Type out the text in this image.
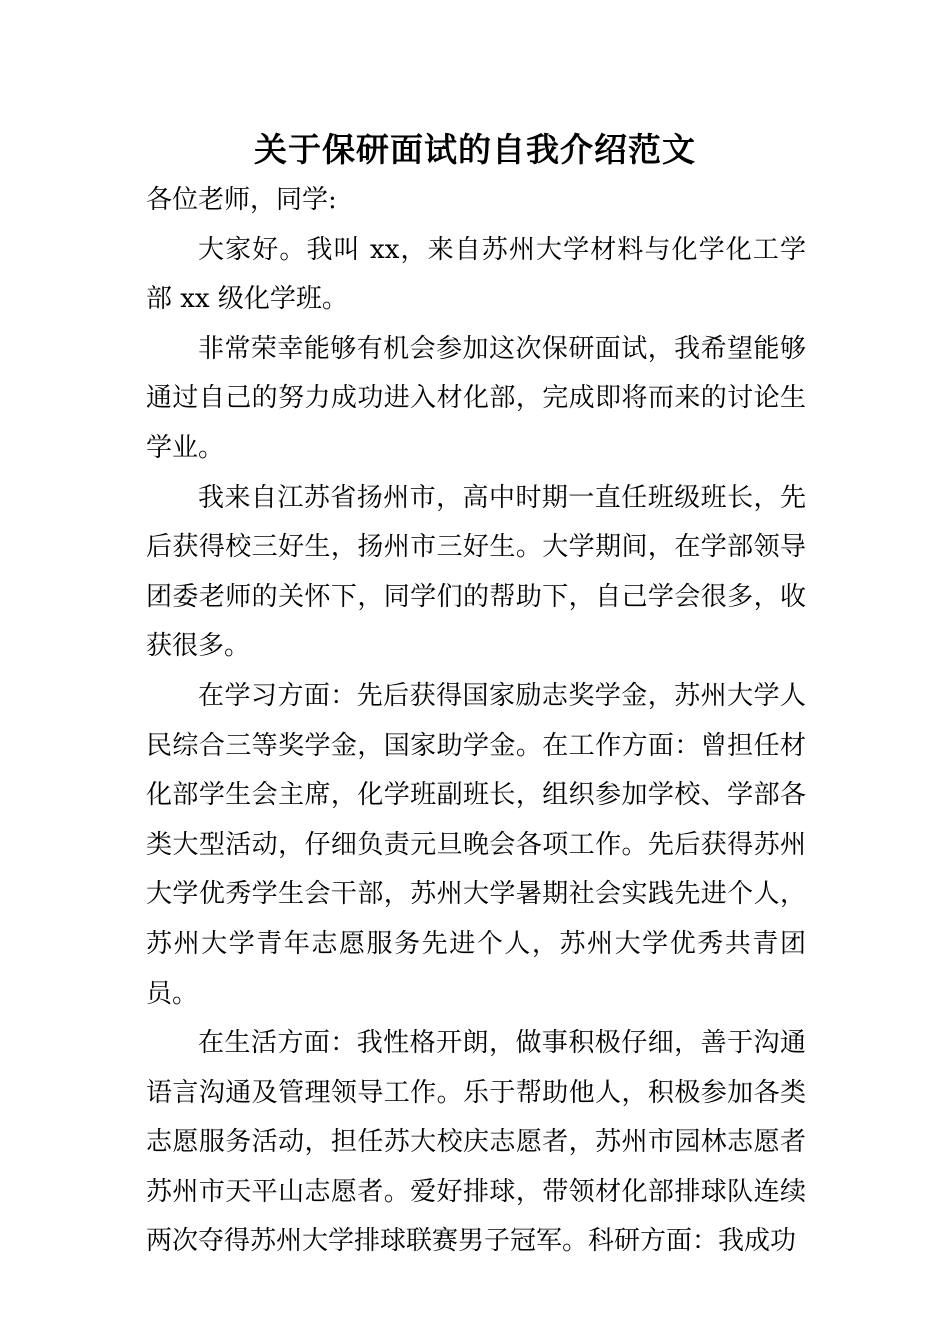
关于保研面试的自我介绍范文

各位老师，同学:

大家好。我叫 xx，来自苏州大学材料与化学化工学部 xx 级化学班。

非常荣幸能够有机会参加这次保研面试，我希望能够通过自己的努力成功进入材化部，完成即将而来的讨论生学业。

我来自江苏省扬州市，高中时期一直任班级班长，先后获得校三好生，扬州市三好生。大学期间，在学部领导团委老师的关怀下，同学们的帮助下，自己学会很多，收获很多。

在学习方面：先后获得国家励志奖学金，苏州大学人民综合三等奖学金，国家助学金。在工作方面：曾担任材化部学生会主席，化学班副班长，组织参加学校、学部各类大型活动，仔细负责元旦晚会各项工作。先后获得苏州大学优秀学生会干部，苏州大学暑期社会实践先进个人，苏州大学青年志愿服务先进个人，苏州大学优秀共青团员。

在生活方面：我性格开朗，做事积极仔细，善于沟通语言沟通及管理领导工作。乐于帮助他人，积极参加各类志愿服务活动，担任苏大校庆志愿者，苏州市园林志愿者苏州市天平山志愿者。爱好排球，带领材化部排球队连续两次夺得苏州大学排球联赛男子冠军。科研方面：我成功
